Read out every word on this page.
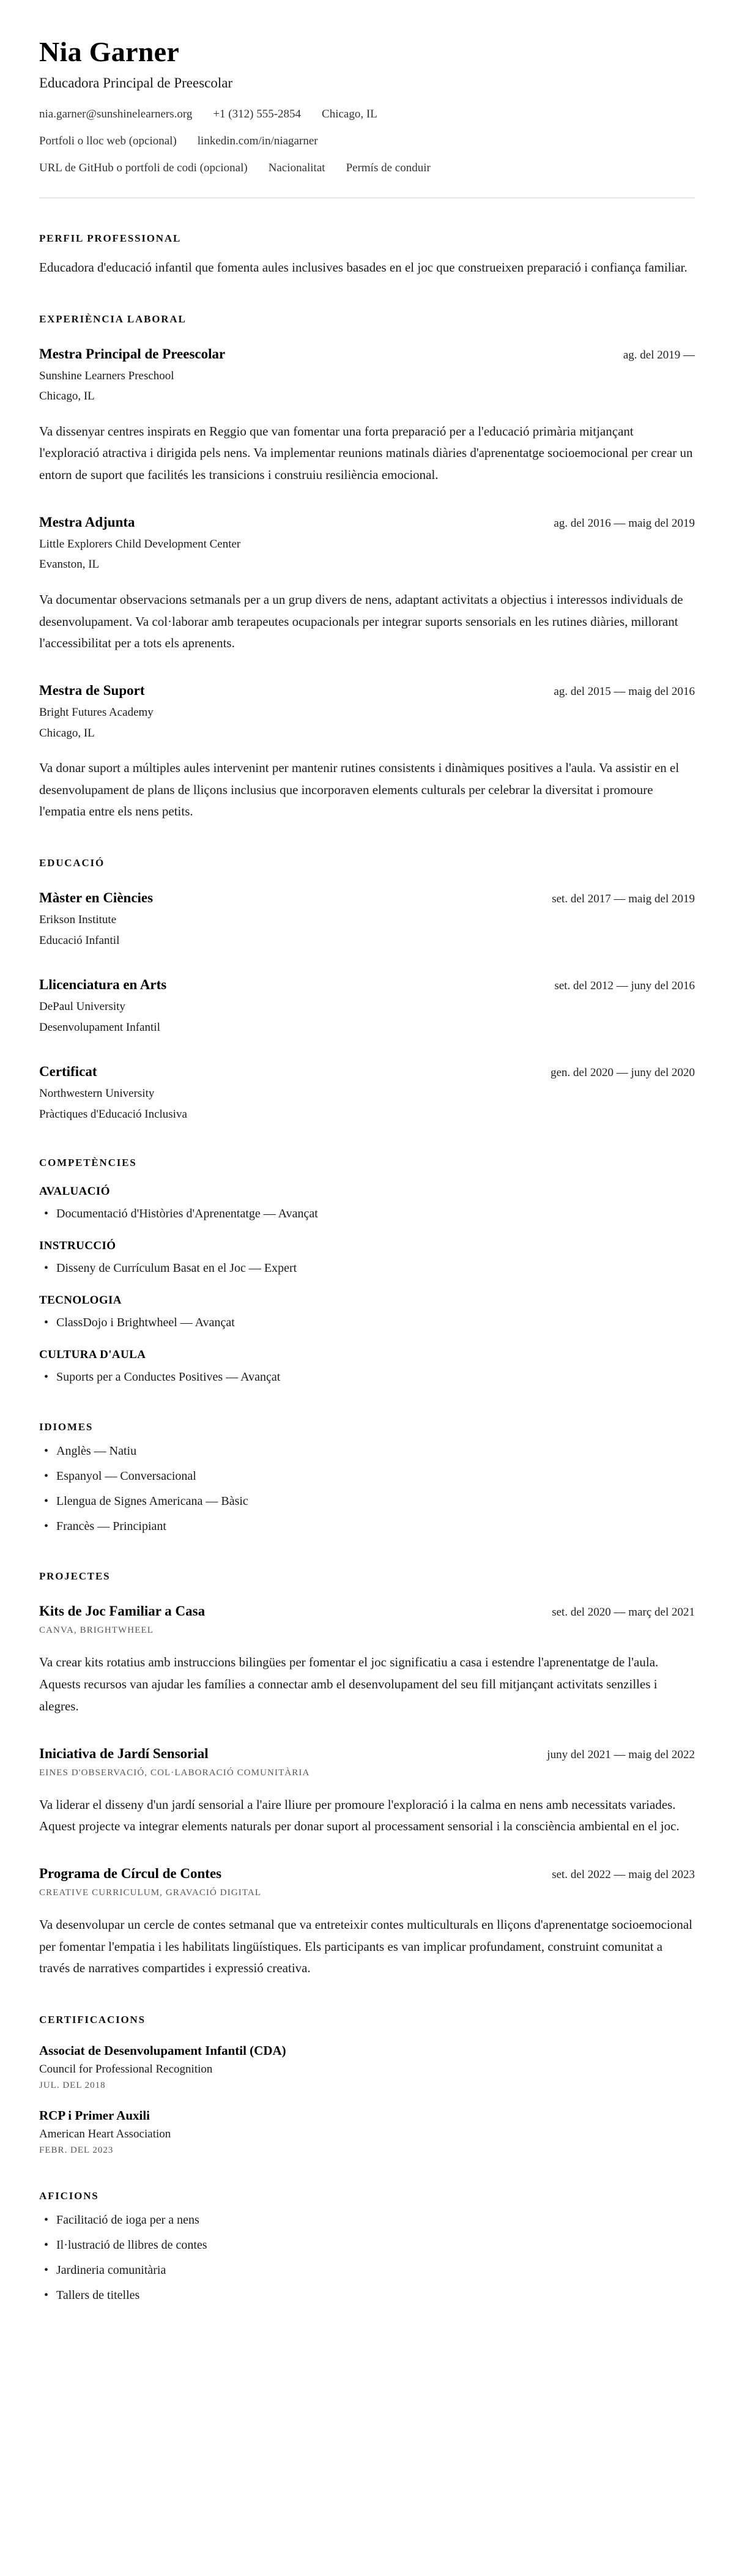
Nia Garner
Educadora Principal de Preescolar
nia.garner@sunshinelearners.org +1 (312) 555-2854 Chicago, IL
Portfoli o lloc web (opcional) linkedin.com/in/niagarner
URL de GitHub o portfoli de codi (opcional) Nacionalitat Permís de conduir
PERFIL PROFESSIONAL

Educadora d'educació infantil que fomenta aules inclusives basades en el joc que construeixen preparació i confiança familiar.

EXPERIÈNCIA LABORAL
Mestra Principal de Preescolar	ag. del 2019 —
Sunshine Learners Preschool
Chicago, IL

Va dissenyar centres inspirats en Reggio que van fomentar una forta preparació per a l'educació primària mitjançant l'exploració atractiva i dirigida pels nens. Va implementar reunions matinals diàries d'aprenentatge socioemocional per crear un entorn de suport que facilités les transicions i construiu resiliència emocional.

Mestra Adjunta	ag. del 2016 — maig del 2019
Little Explorers Child Development Center
Evanston, IL

Va documentar observacions setmanals per a un grup divers de nens, adaptant activitats a objectius i interessos individuals de desenvolupament. Va col·laborar amb terapeutes ocupacionals per integrar suports sensorials en les rutines diàries, millorant l'accessibilitat per a tots els aprenents.

Mestra de Suport	ag. del 2015 — maig del 2016
Bright Futures Academy
Chicago, IL

Va donar suport a múltiples aules intervenint per mantenir rutines consistents i dinàmiques positives a l'aula. Va assistir en el desenvolupament de plans de lliçons inclusius que incorporaven elements culturals per celebrar la diversitat i promoure l'empatia entre els nens petits.

EDUCACIÓ
Màster en Ciències	set. del 2017 — maig del 2019
Erikson Institute
Educació Infantil
Llicenciatura en Arts	set. del 2012 — juny del 2016
DePaul University
Desenvolupament Infantil
Certificat	gen. del 2020 — juny del 2020
Northwestern University
Pràctiques d'Educació Inclusiva
COMPETÈNCIES
AVALUACIÓ
• Documentació d'Històries d'Aprenentatge — Avançat
INSTRUCCIÓ
• Disseny de Currículum Basat en el Joc — Expert
TECNOLOGIA
• ClassDojo i Brightwheel — Avançat
CULTURA D'AULA
• Suports per a Conductes Positives — Avançat
IDIOMES
• Anglès — Natiu
• Espanyol — Conversacional
• Llengua de Signes Americana — Bàsic
• Francès — Principiant
PROJECTES
Kits de Joc Familiar a Casa	set. del 2020 — març del 2021
CANVA, BRIGHTWHEEL

Va crear kits rotatius amb instruccions bilingües per fomentar el joc significatiu a casa i estendre l'aprenentatge de l'aula. Aquests recursos van ajudar les famílies a connectar amb el desenvolupament del seu fill mitjançant activitats senzilles i alegres.

Iniciativa de Jardí Sensorial	juny del 2021 — maig del 2022
EINES D'OBSERVACIÓ, COL·LABORACIÓ COMUNITÀRIA

Va liderar el disseny d'un jardí sensorial a l'aire lliure per promoure l'exploració i la calma en nens amb necessitats variades. Aquest projecte va integrar elements naturals per donar suport al processament sensorial i la consciència ambiental en el joc.

Programa de Círcul de Contes	set. del 2022 — maig del 2023
CREATIVE CURRICULUM, GRAVACIÓ DIGITAL

Va desenvolupar un cercle de contes setmanal que va entreteixir contes multiculturals en lliçons d'aprenentatge socioemocional per fomentar l'empatia i les habilitats lingüístiques. Els participants es van implicar profundament, construint comunitat a través de narratives compartides i expressió creativa.

CERTIFICACIONS
Associat de Desenvolupament Infantil (CDA)
Council for Professional Recognition
JUL. DEL 2018
RCP i Primer Auxili
American Heart Association
FEBR. DEL 2023
AFICIONS
• Facilitació de ioga per a nens
• Il·lustració de llibres de contes
• Jardineria comunitària
• Tallers de titelles
